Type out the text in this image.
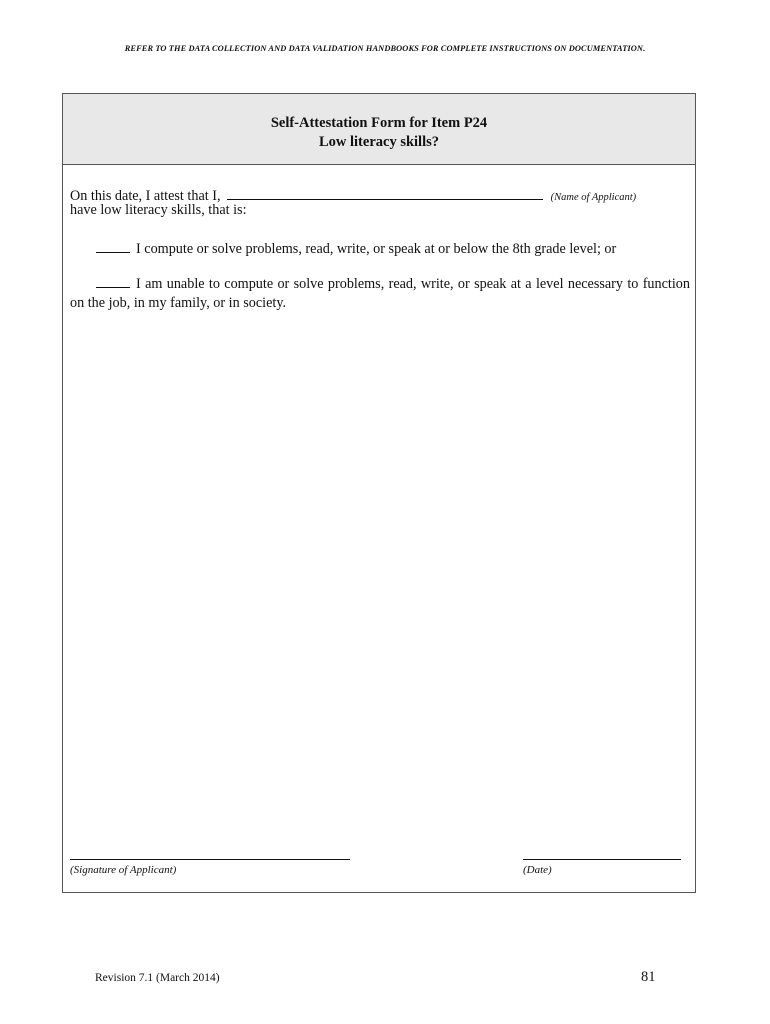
REFER TO THE DATA COLLECTION AND DATA VALIDATION HANDBOOKS FOR COMPLETE INSTRUCTIONS ON DOCUMENTATION.
Self-Attestation Form for Item P24
Low literacy skills?
On this date, I attest that I,	(Name of Applicant)
have low literacy skills, that is:
I compute or solve problems, read, write, or speak at or below the 8th grade level; or
I am unable to compute or solve problems, read, write, or speak at a level necessary to function on the job, in my family, or in society.
(Signature of Applicant)	(Date)
Revision 7.1 (March 2014)	81
